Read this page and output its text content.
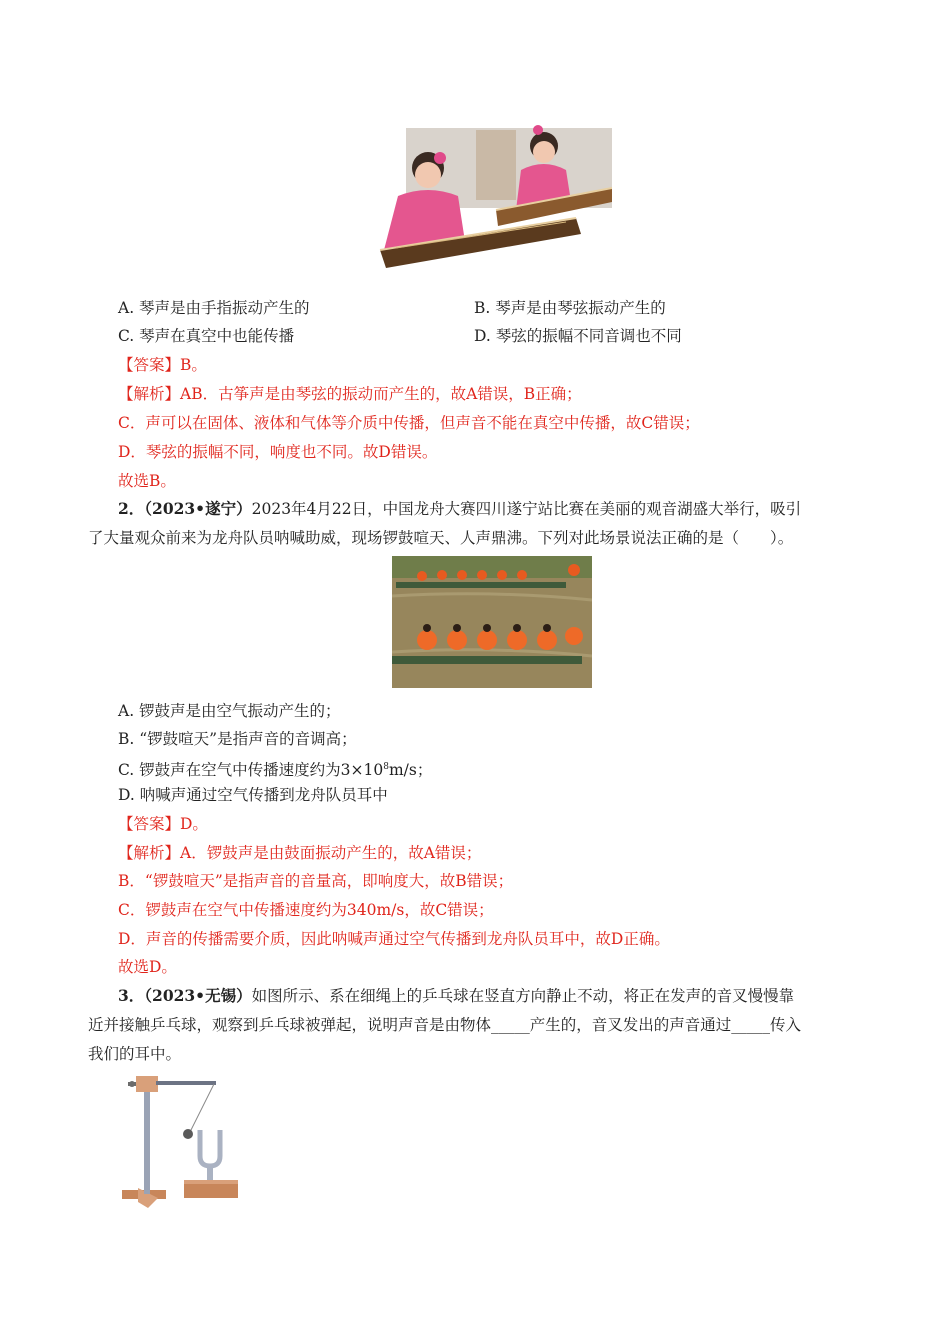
A. 琴声是由手指振动产生的	B. 琴声是由琴弦振动产生的
C. 琴声在真空中也能传播	D. 琴弦的振幅不同音调也不同
【答案】B。
【解析】AB．古筝声是由琴弦的振动而产生的，故A错误，B正确；
C．声可以在固体、液体和气体等介质中传播，但声音不能在真空中传播，故C错误；
D．琴弦的振幅不同，响度也不同。故D错误。
故选B。
2．（2023•遂宁）2023年4月22日，中国龙舟大赛四川遂宁站比赛在美丽的观音湖盛大举行，吸引
了大量观众前来为龙舟队员呐喊助威，现场锣鼓喧天、人声鼎沸。下列对此场景说法正确的是（　　）。
A. 锣鼓声是由空气振动产生的；
B. “锣鼓喧天”是指声音的音调高；
C. 锣鼓声在空气中传播速度约为$3\times 10^8m/s$；
D. 呐喊声通过空气传播到龙舟队员耳中
【答案】D。
【解析】A．锣鼓声是由鼓面振动产生的，故A错误；
B．“锣鼓喧天”是指声音的音量高，即响度大，故B错误；
C．锣鼓声在空气中传播速度约为340m/s，故C错误；
D．声音的传播需要介质，因此呐喊声通过空气传播到龙舟队员耳中，故D正确。
故选D。
3．（2023•无锡）如图所示、系在细绳上的乒乓球在竖直方向静止不动，将正在发声的音叉慢慢靠
近并接触乒乓球，观察到乒乓球被弹起，说明声音是由物体_____产生的，音叉发出的声音通过_____传入
我们的耳中。
